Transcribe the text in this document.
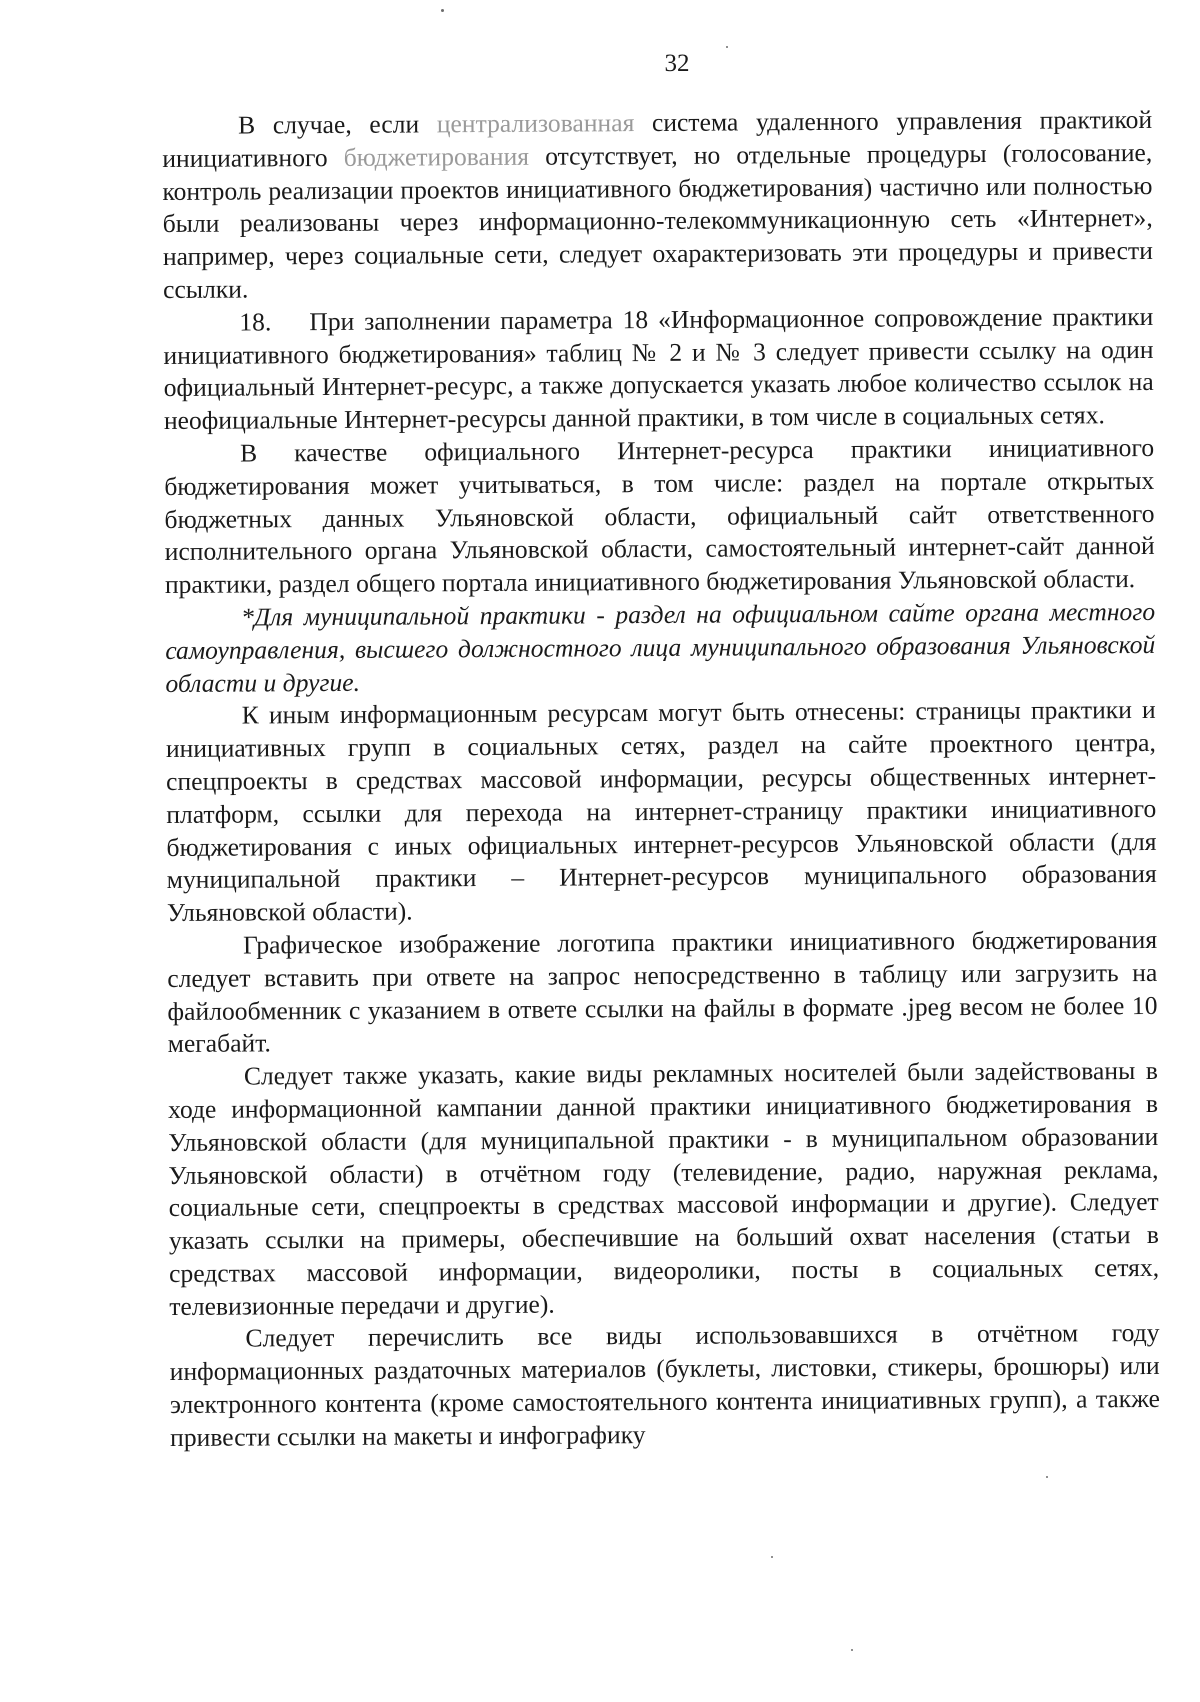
32

В случае, если централизованная система удаленного управления практикой инициативного бюджетирования отсутствует, но отдельные процедуры (голосование, контроль реализации проектов инициативного бюджетирования) частично или полностью были реализованы через информационно-телекоммуникационную сеть «Интернет», например, через социальные сети, следует охарактеризовать эти процедуры и привести ссылки.

18. При заполнении параметра 18 «Информационное сопровождение практики инициативного бюджетирования» таблиц № 2 и № 3 следует привести ссылку на один официальный Интернет-ресурс, а также допускается указать любое количество ссылок на неофициальные Интернет-ресурсы данной практики, в том числе в социальных сетях.

В качестве официального Интернет-ресурса практики инициативного бюджетирования может учитываться, в том числе: раздел на портале открытых бюджетных данных Ульяновской области, официальный сайт ответственного исполнительного органа Ульяновской области, самостоятельный интернет-сайт данной практики, раздел общего портала инициативного бюджетирования Ульяновской области.

*Для муниципальной практики - раздел на официальном сайте органа местного самоуправления, высшего должностного лица муниципального образования Ульяновской области и другие.

К иным информационным ресурсам могут быть отнесены: страницы практики и инициативных групп в социальных сетях, раздел на сайте проектного центра, спецпроекты в средствах массовой информации, ресурсы общественных интернет-платформ, ссылки для перехода на интернет-страницу практики инициативного бюджетирования с иных официальных интернет-ресурсов Ульяновской области (для муниципальной практики – Интернет-ресурсов муниципального образования Ульяновской области).

Графическое изображение логотипа практики инициативного бюджетирования следует вставить при ответе на запрос непосредственно в таблицу или загрузить на файлообменник с указанием в ответе ссылки на файлы в формате .jpeg весом не более 10 мегабайт.

Следует также указать, какие виды рекламных носителей были задействованы в ходе информационной кампании данной практики инициативного бюджетирования в Ульяновской области (для муниципальной практики - в муниципальном образовании Ульяновской области) в отчётном году (телевидение, радио, наружная реклама, социальные сети, спецпроекты в средствах массовой информации и другие). Следует указать ссылки на примеры, обеспечившие на больший охват населения (статьи в средствах массовой информации, видеоролики, посты в социальных сетях, телевизионные передачи и другие).

Следует перечислить все виды использовавшихся в отчётном году информационных раздаточных материалов (буклеты, листовки, стикеры, брошюры) или электронного контента (кроме самостоятельного контента инициативных групп), а также привести ссылки на макеты и инфографику
